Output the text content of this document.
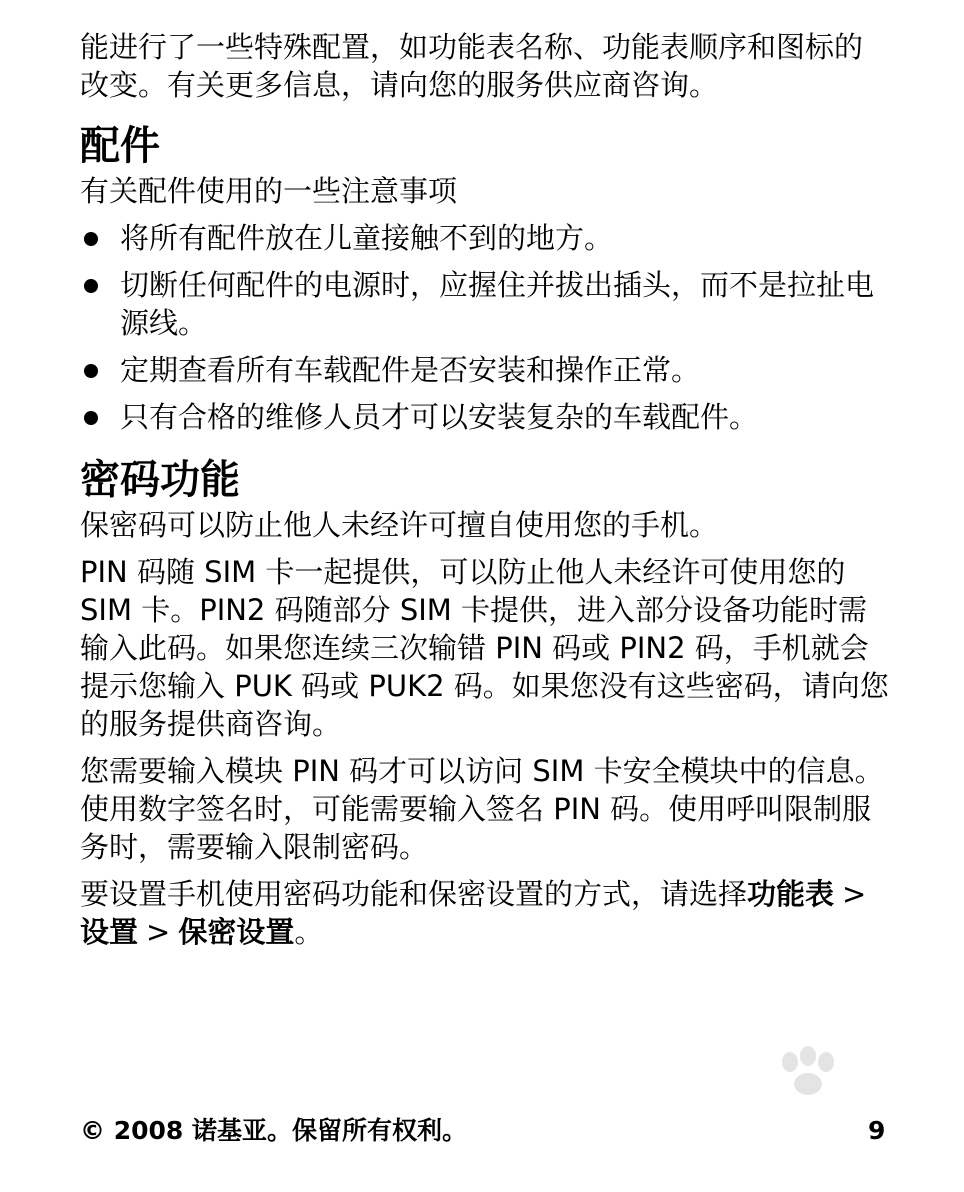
能进行了一些特殊配置，如功能表名称、功能表顺序和图标的改变。有关更多信息，请向您的服务供应商咨询。

配件

有关配件使用的一些注意事项

将所有配件放在儿童接触不到的地方。
切断任何配件的电源时，应握住并拔出插头，而不是拉扯电源线。
定期查看所有车载配件是否安装和操作正常。
只有合格的维修人员才可以安装复杂的车载配件。
密码功能

保密码可以防止他人未经许可擅自使用您的手机。

PIN 码随 SIM 卡一起提供，可以防止他人未经许可使用您的 SIM 卡。PIN2 码随部分 SIM 卡提供，进入部分设备功能时需输入此码。如果您连续三次输错 PIN 码或 PIN2 码，手机就会提示您输入 PUK 码或 PUK2 码。如果您没有这些密码，请向您的服务提供商咨询。

您需要输入模块 PIN 码才可以访问 SIM 卡安全模块中的信息。使用数字签名时，可能需要输入签名 PIN 码。使用呼叫限制服务时，需要输入限制密码。

要设置手机使用密码功能和保密设置的方式，请选择功能表 >设置 > 保密设置。

© 2008 诺基亚。保留所有权利。	9
